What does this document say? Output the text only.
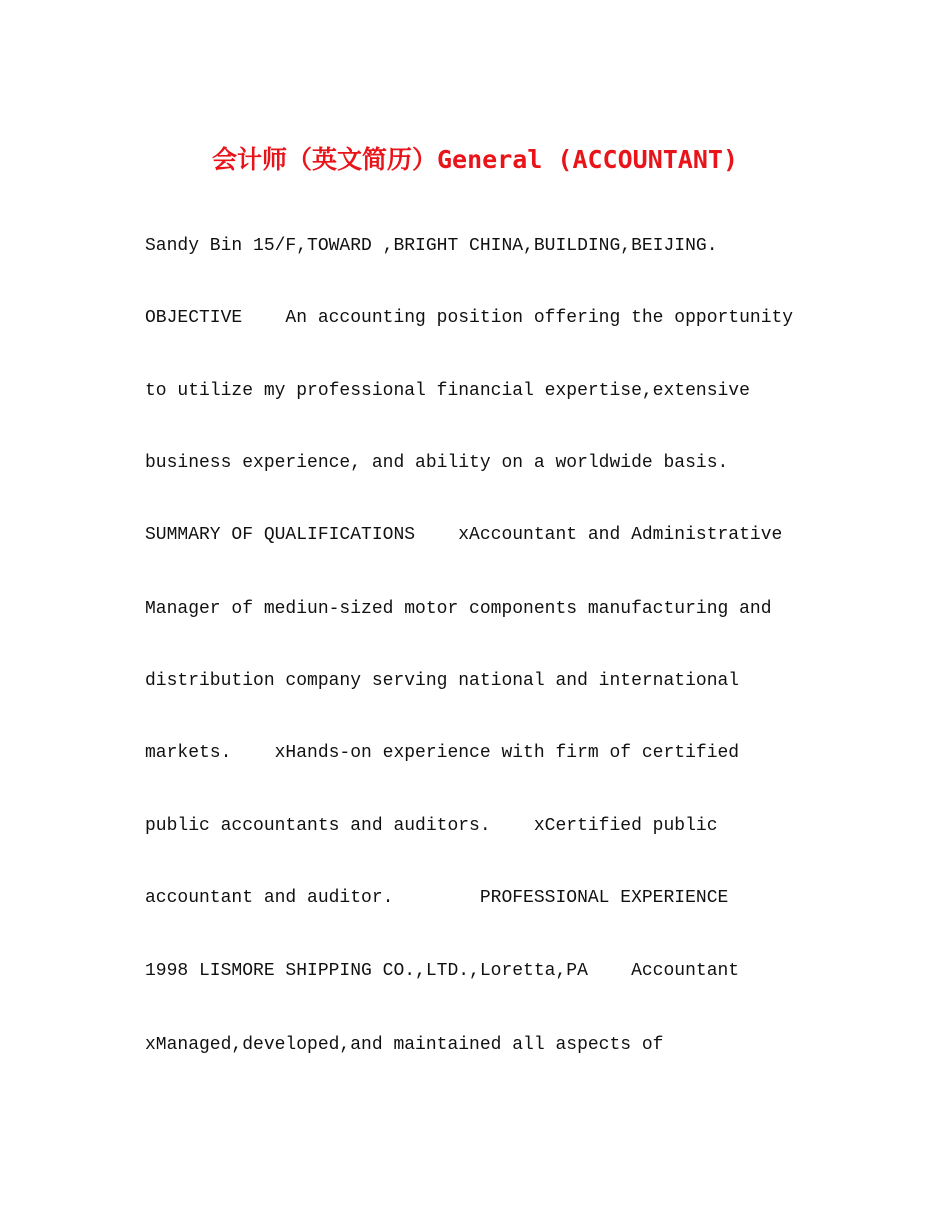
会计师（英文简历）General (ACCOUNTANT)
Sandy Bin 15/F,TOWARD ,BRIGHT CHINA,BUILDING,BEIJING.
OBJECTIVE    An accounting position offering the opportunity
to utilize my professional financial expertise,extensive
business experience, and ability on a worldwide basis.
SUMMARY OF QUALIFICATIONS    xAccountant and Administrative
Manager of mediun-sized motor components manufacturing and
distribution company serving national and international
markets.    xHands-on experience with firm of certified
public accountants and auditors.    xCertified public
accountant and auditor.        PROFESSIONAL EXPERIENCE
1998 LISMORE SHIPPING CO.,LTD.,Loretta,PA    Accountant
xManaged,developed,and maintained all aspects of
